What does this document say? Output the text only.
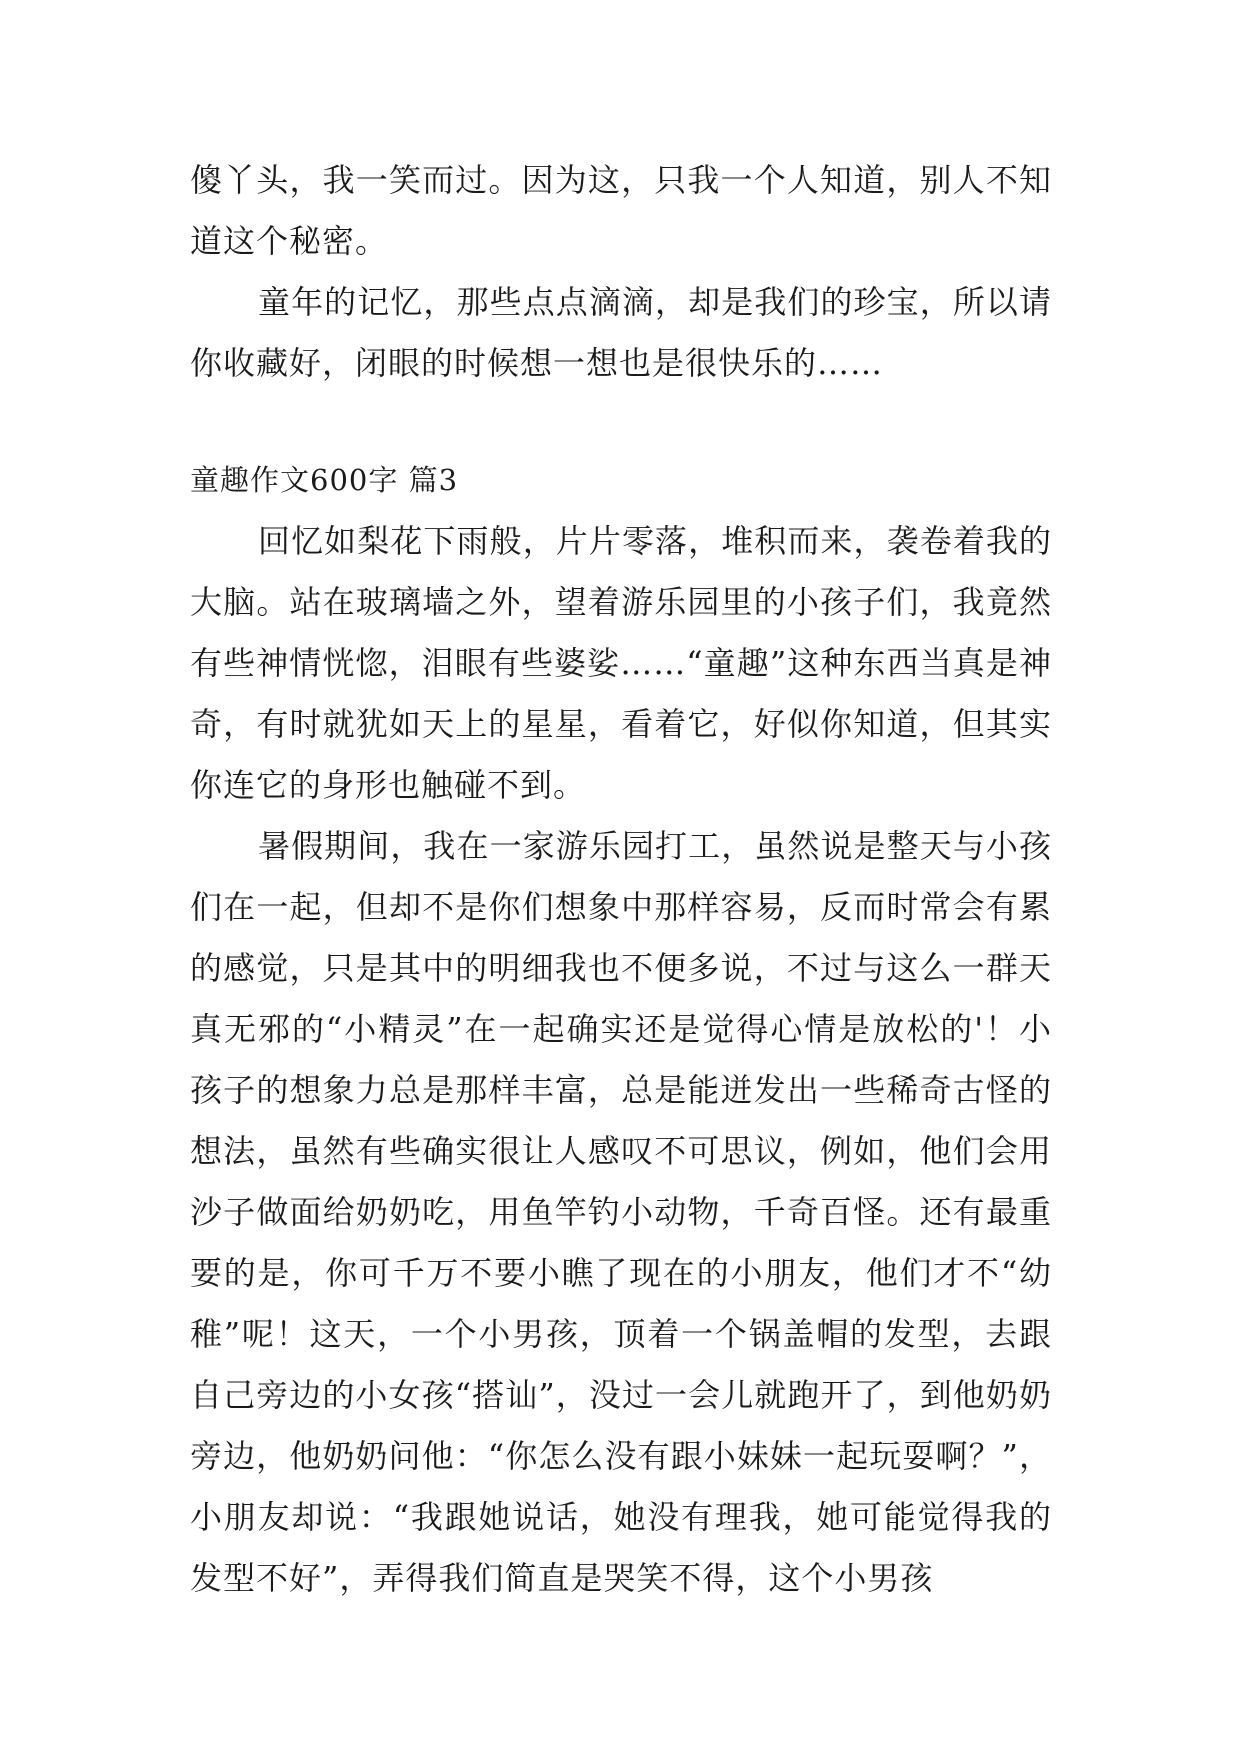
傻丫头，我一笑而过。因为这，只我一个人知道，别人不知道这个秘密。

童年的记忆，那些点点滴滴，却是我们的珍宝，所以请你收藏好，闭眼的时候想一想也是很快乐的……

童趣作文600字 篇3

回忆如梨花下雨般，片片零落，堆积而来，袭卷着我的大脑。站在玻璃墙之外，望着游乐园里的小孩子们，我竟然有些神情恍惚，泪眼有些婆娑……“童趣”这种东西当真是神奇，有时就犹如天上的星星，看着它，好似你知道，但其实你连它的身形也触碰不到。

暑假期间，我在一家游乐园打工，虽然说是整天与小孩们在一起，但却不是你们想象中那样容易，反而时常会有累的感觉，只是其中的明细我也不便多说，不过与这么一群天真无邪的“小精灵”在一起确实还是觉得心情是放松的'！小孩子的想象力总是那样丰富，总是能迸发出一些稀奇古怪的想法，虽然有些确实很让人感叹不可思议，例如，他们会用沙子做面给奶奶吃，用鱼竿钓小动物，千奇百怪。还有最重要的是，你可千万不要小瞧了现在的小朋友，他们才不“幼稚”呢！这天，一个小男孩，顶着一个锅盖帽的发型，去跟自己旁边的小女孩“搭讪”，没过一会儿就跑开了，到他奶奶旁边，他奶奶问他：“你怎么没有跟小妹妹一起玩耍啊？”，小朋友却说：“我跟她说话，她没有理我，她可能觉得我的发型不好”，弄得我们简直是哭笑不得，这个小男孩
